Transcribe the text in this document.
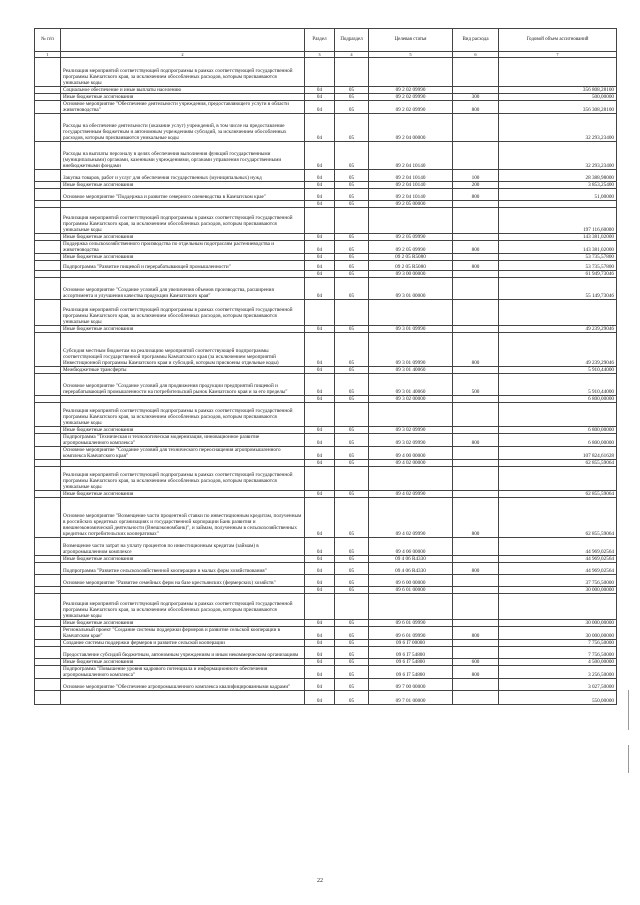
№ п/п		Раздел	Подраздел	Целевая статья	Вид расхода	Годовой объем ассигнований
1	2	3	4	5	6	7
	Реализация мероприятий соответствующей подпрограммы в рамках соответствующей государственной программы Камчатского края, за исключением обособленных расходов, которым присваиваются уникальные коды					
	Социальное обеспечение и иные выплаты населению	04	05	09 2 02 09990		356 808,28100
	Иные бюджетные ассигнования	04	05	09 2 02 09990	300	500,00000
	Основное мероприятие "Обеспечение деятельности учреждения, предоставляющего услуги в области животноводства"	04	05	09 2 02 09990	800	356 308,28100
	Расходы на обеспечение деятельности (оказание услуг) учреждений, в том числе на предоставление государственным бюджетным и автономным учреждениям субсидий, за исключением обособленных расходов, которым присваиваются уникальные коды	04	05	09 2 04 00000		32 293,23400
	Расходы на выплаты персоналу в целях обеспечения выполнения функций государственными (муниципальными) органами, казенными учреждениями, органами управления государственными внебюджетными фондами	04	05	09 2 04 10140		32 293,23400
	Закупка товаров, работ и услуг для обеспечения государственных (муниципальных) нужд	04	05	09 2 04 10140	100	28 388,98000
	Иные бюджетные ассигнования	04	05	09 2 04 10140	200	3 853,25400
	Основное мероприятие "Поддержка и развитие северного оленеводства в Камчатском крае"	04	05	09 2 04 10140	800	51,00000
		04	05	09 2 05 00000		
	Реализация мероприятий соответствующей подпрограммы в рамках соответствующей государственной программы Камчатского края, за исключением обособленных расходов, которым присваиваются уникальные коды					197 116,60000
	Иные бюджетные ассигнования	04	05	09 2 05 09990		143 381,02000
	Поддержка сельскохозяйственного производства по отдельным подотраслям растениеводства и животноводства	04	05	09 2 05 09990	800	143 381,02000
	Иные бюджетные ассигнования	04	05	09 2 05 R5080		53 735,57800
	Подпрограмма "Развитие пищевой и перерабатывающей промышленности"	04	05	09 2 05 R5080	800	53 735,57800
		04	05	09 3 00 00000		61 949,73046
	Основное мероприятие "Создание условий для увеличения объемов производства, расширения ассортимента и улучшения качества продукции Камчатского края"	04	05	09 3 01 00000		55 149,73046
	Реализация мероприятий соответствующей подпрограммы в рамках соответствующей государственной программы Камчатского края, за исключением обособленных расходов, которым присваиваются уникальные коды					
	Иные бюджетные ассигнования	04	05	09 3 01 09990		49 239,29046
	Субсидия местным бюджетам на реализацию мероприятий соответствующей подпрограммы соответствующей государственной программы Камчатского края (за исключением мероприятий Инвестиционной программы Камчатского края и субсидий, которым присвоены отдельные коды)	04	05	09 3 01 09990	800	49 239,29046
	Межбюджетные трансферты	04	05	09 3 01 40060		5 910,44000
	Основное мероприятие "Создание условий для продвижения продукции предприятий пищевой и перерабатывающей промышленности на потребительский рынок Камчатского края и за его пределы"	04	05	09 3 01 40060	500	5 910,44000
		04	05	09 3 02 00000		6 800,00000
	Реализация мероприятий соответствующей подпрограммы в рамках соответствующей государственной программы Камчатского края, за исключением обособленных расходов, которым присваиваются уникальные коды					
	Иные бюджетные ассигнования	04	05	09 3 02 09990		6 800,00000
	Подпрограмма "Техническая и технологическая модернизация, инновационное развитие агропромышленного комплекса"	04	05	09 3 02 09990	800	6 800,00000
	Основное мероприятие "Создание условий для технического переоснащения агропромышленного комплекса Камчатского края"	04	05	09 4 00 00000		107 824,61628
		04	05	09 4 02 00000		62 855,59064
	Реализация мероприятий соответствующей подпрограммы в рамках соответствующей государственной программы Камчатского края, за исключением обособленных расходов, которым присваиваются уникальные коды					
	Иные бюджетные ассигнования	04	05	09 4 02 09990		62 855,59064
	Основное мероприятие "Возмещение части процентной ставки по инвестиционным кредитам, полученным в российских кредитных организациях и государственной корпорации Банк развития и внешнеэкономической деятельности (Внешэкономбанк)", и займам, полученным в сельскохозяйственных кредитных потребительских кооперативах"	04	05	09 4 02 09990	800	62 855,59064
	Возмещение части затрат на уплату процентов по инвестиционным кредитам (займам) в агропромышленном комплексе	04	05	09 4 06 00000		44 969,02564
	Иные бюджетные ассигнования	04	05	09 4 06 R4330		44 969,02564
	Подпрограмма "Развитие сельскохозяйственной кооперации и малых форм хозяйствования"	04	05	09 4 06 R4330	800	44 969,02564
	Основное мероприятие "Развитие семейных ферм на базе крестьянских (фермерских) хозяйств"	04	05	09 6 00 00000		37 756,50000
		04	05	09 6 01 00000		30 000,00000
	Реализация мероприятий соответствующей подпрограммы в рамках соответствующей государственной программы Камчатского края, за исключением обособленных расходов, которым присваиваются уникальные коды					
	Иные бюджетные ассигнования	04	05	09 6 01 09990		30 000,00000
	Региональный проект "Создание системы поддержки фермеров и развитие сельской кооперации в Камчатском крае"	04	05	09 6 01 09990	800	30 000,00000
	Создание системы поддержки фермеров и развитие сельской кооперации	04	05	09 6 I7 00000		7 756,50000
	Предоставление субсидий бюджетным, автономным учреждениям и иным некоммерческим организациям	04	05	09 6 I7 54800		7 756,50000
	Иные бюджетные ассигнования	04	05	09 6 I7 54800	600	4 500,00000
	Подпрограмма "Повышение уровня кадрового потенциала и информационного обеспечения агропромышленного комплекса"	04	05	09 6 I7 54800	800	3 256,50000
	Основное мероприятие "Обеспечение агропромышленного комплекса квалифицированными кадрами"	04	05	09 7 00 00000		3 027,50000
		04	05	09 7 01 00000		550,00000
22
